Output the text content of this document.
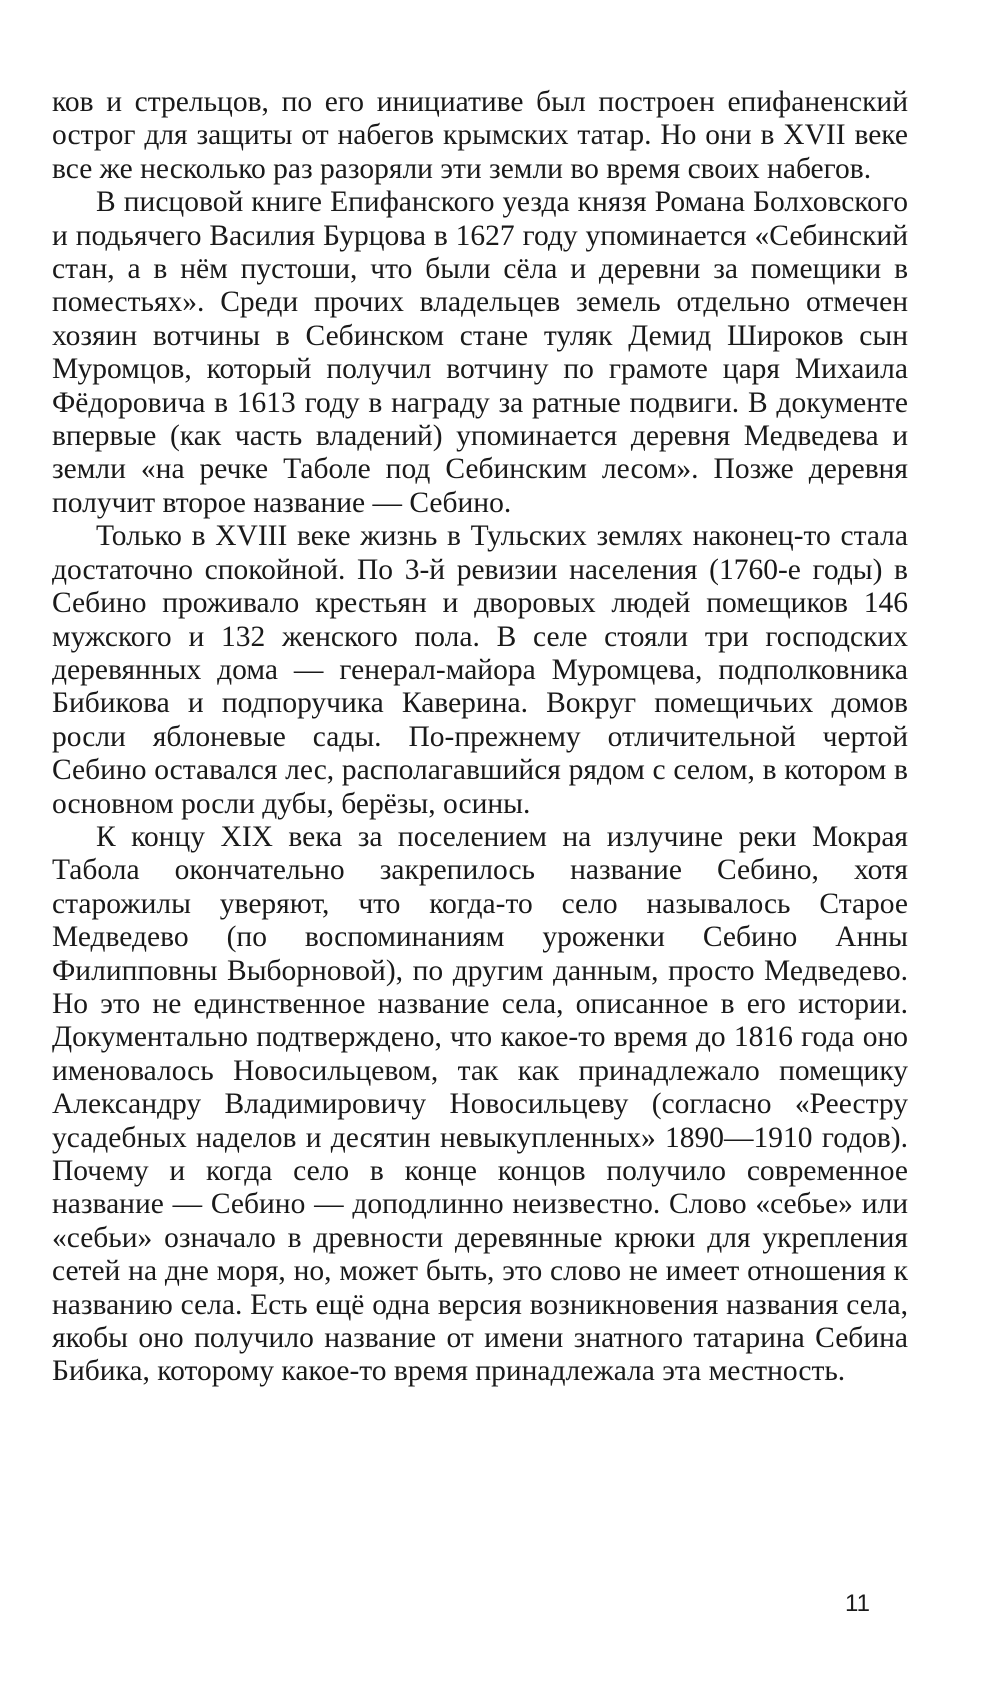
ков и стрельцов, по его инициативе был построен епифаненский острог для защиты от набегов крымских татар. Но они в XVII веке все же несколько раз разоряли эти земли во время своих набегов.

В писцовой книге Епифанского уезда князя Романа Болховского и подьячего Василия Бурцова в 1627 году упоминается «Себинский стан, а в нём пустоши, что были сёла и деревни за помещики в поместьях». Среди прочих владельцев земель отдельно отмечен хозяин вотчины в Себинском стане туляк Демид Широков сын Муромцов, который получил вотчину по грамоте царя Михаила Фёдоровича в 1613 году в награду за ратные подвиги. В документе впервые (как часть владений) упоминается деревня Медведева и земли «на речке Таболе под Себинским лесом». Позже деревня получит второе название — Себино.

Только в XVIII веке жизнь в Тульских землях наконец-то стала достаточно спокойной. По 3-й ревизии населения (1760-е годы) в Себино проживало крестьян и дворовых людей помещиков 146 мужского и 132 женского пола. В селе стояли три господских деревянных дома — генерал-майора Муромцева, подполковника Бибикова и подпоручика Каверина. Вокруг помещичьих домов росли яблоневые сады. По-прежнему отличительной чертой Себино оставался лес, располагавшийся рядом с селом, в котором в основном росли дубы, берёзы, осины.

К концу XIX века за поселением на излучине реки Мокрая Табола окончательно закрепилось название Себино, хотя старожилы уверяют, что когда-то село называлось Старое Медведево (по воспоминаниям уроженки Себино Анны Филипповны Выборновой), по другим данным, просто Медведево. Но это не единственное название села, описанное в его истории. Документально подтверждено, что какое-то время до 1816 года оно именовалось Новосильцевом, так как принадлежало помещику Александру Владимировичу Новосильцеву (согласно «Реестру усадебных наделов и десятин невыкупленных» 1890—1910 годов). Почему и когда село в конце концов получило современное название — Себино — доподлинно неизвестно. Слово «себье» или «себьи» означало в древности деревянные крюки для укрепления сетей на дне моря, но, может быть, это слово не имеет отношения к названию села. Есть ещё одна версия возникновения названия села, якобы оно получило название от имени знатного татарина Себина Бибика, которому какое-то время принадлежала эта местность.

11
